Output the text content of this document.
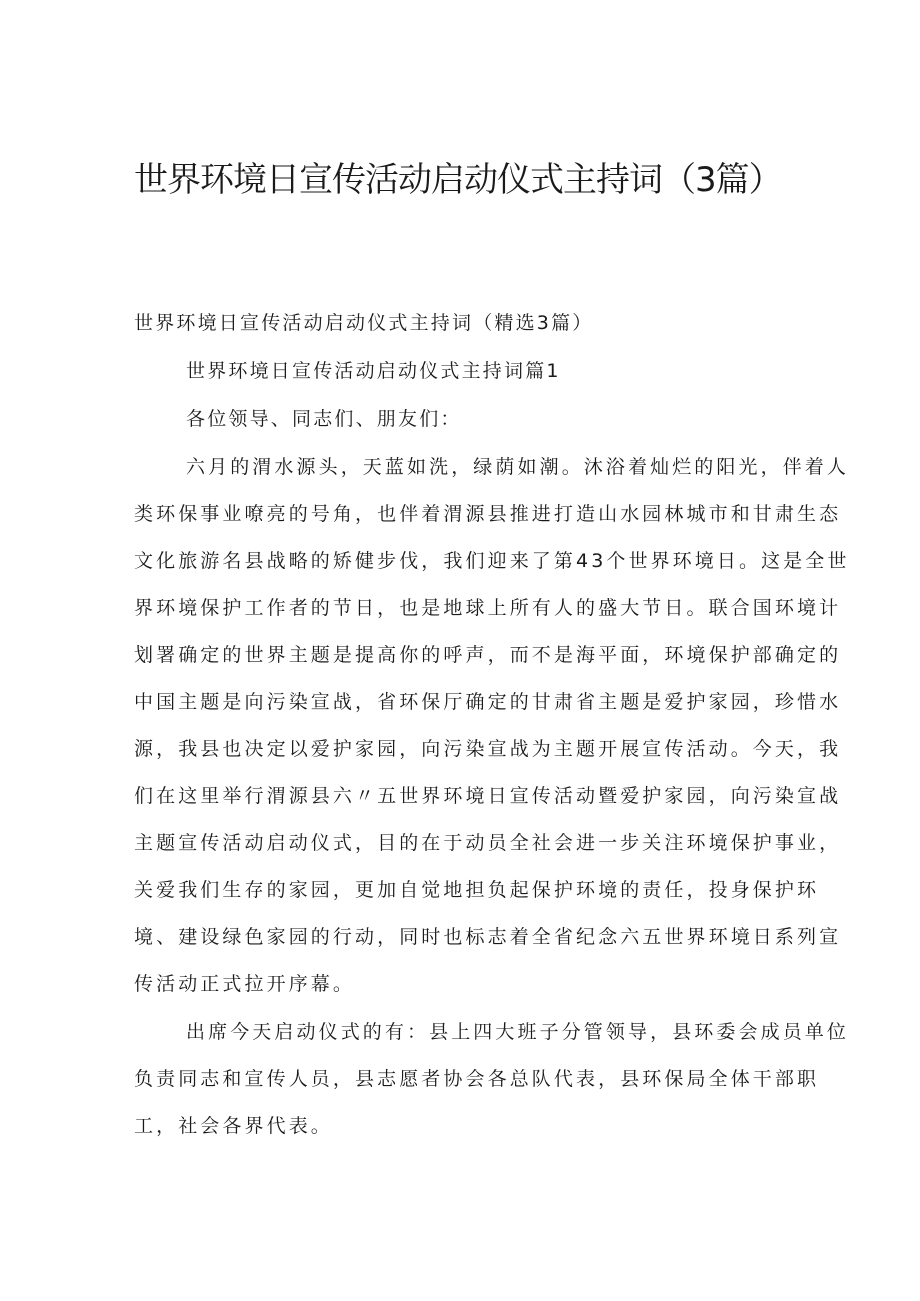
世界环境日宣传活动启动仪式主持词（3篇）
世界环境日宣传活动启动仪式主持词（精选3篇）
世界环境日宣传活动启动仪式主持词篇1
各位领导、同志们、朋友们：
六月的渭水源头，天蓝如洗，绿荫如潮。沐浴着灿烂的阳光，伴着人
类环保事业嘹亮的号角，也伴着渭源县推进打造山水园林城市和甘肃生态
文化旅游名县战略的矫健步伐，我们迎来了第43个世界环境日。这是全世
界环境保护工作者的节日，也是地球上所有人的盛大节日。联合国环境计
划署确定的世界主题是提高你的呼声，而不是海平面，环境保护部确定的
中国主题是向污染宣战，省环保厅确定的甘肃省主题是爱护家园，珍惜水
源，我县也决定以爱护家园，向污染宣战为主题开展宣传活动。今天，我
们在这里举行渭源县六〃五世界环境日宣传活动暨爱护家园，向污染宣战
主题宣传活动启动仪式，目的在于动员全社会进一步关注环境保护事业，
关爱我们生存的家园，更加自觉地担负起保护环境的责任，投身保护环
境、建设绿色家园的行动，同时也标志着全省纪念六五世界环境日系列宣
传活动正式拉开序幕。
出席今天启动仪式的有：县上四大班子分管领导，县环委会成员单位
负责同志和宣传人员，县志愿者协会各总队代表，县环保局全体干部职
工，社会各界代表。
